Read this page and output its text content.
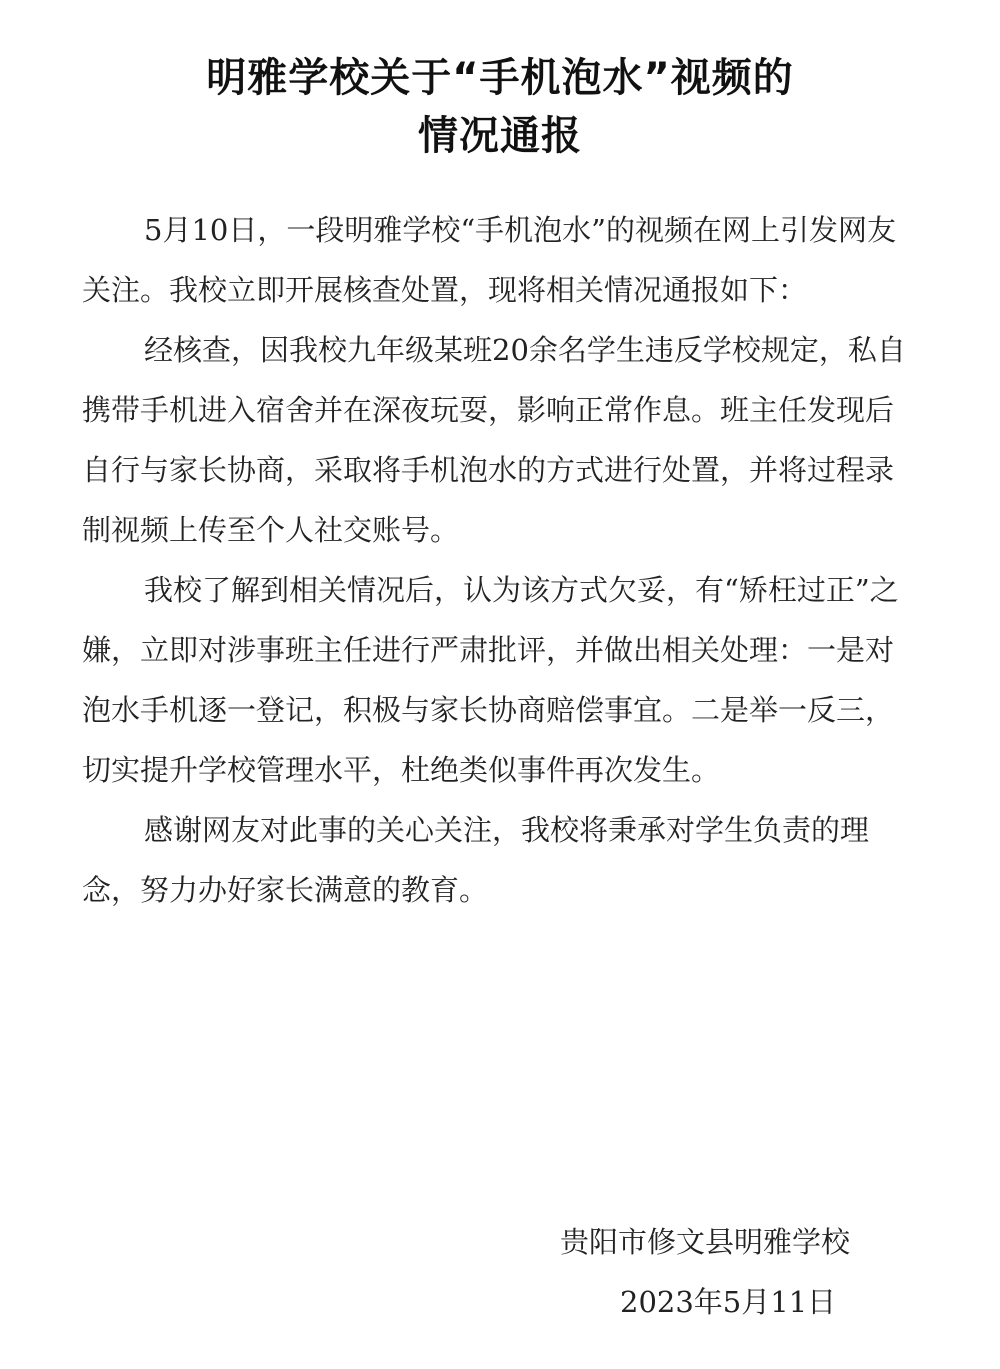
明雅学校关于“手机泡水”视频的
情况通报

5月10日，一段明雅学校“手机泡水”的视频在网上引发网友关注。我校立即开展核查处置，现将相关情况通报如下：

经核查，因我校九年级某班20余名学生违反学校规定，私自携带手机进入宿舍并在深夜玩耍，影响正常作息。班主任发现后自行与家长协商，采取将手机泡水的方式进行处置，并将过程录制视频上传至个人社交账号。

我校了解到相关情况后，认为该方式欠妥，有“矫枉过正”之嫌，立即对涉事班主任进行严肃批评，并做出相关处理：一是对泡水手机逐一登记，积极与家长协商赔偿事宜。二是举一反三，切实提升学校管理水平，杜绝类似事件再次发生。

感谢网友对此事的关心关注，我校将秉承对学生负责的理念，努力办好家长满意的教育。

贵阳市修文县明雅学校
2023年5月11日
